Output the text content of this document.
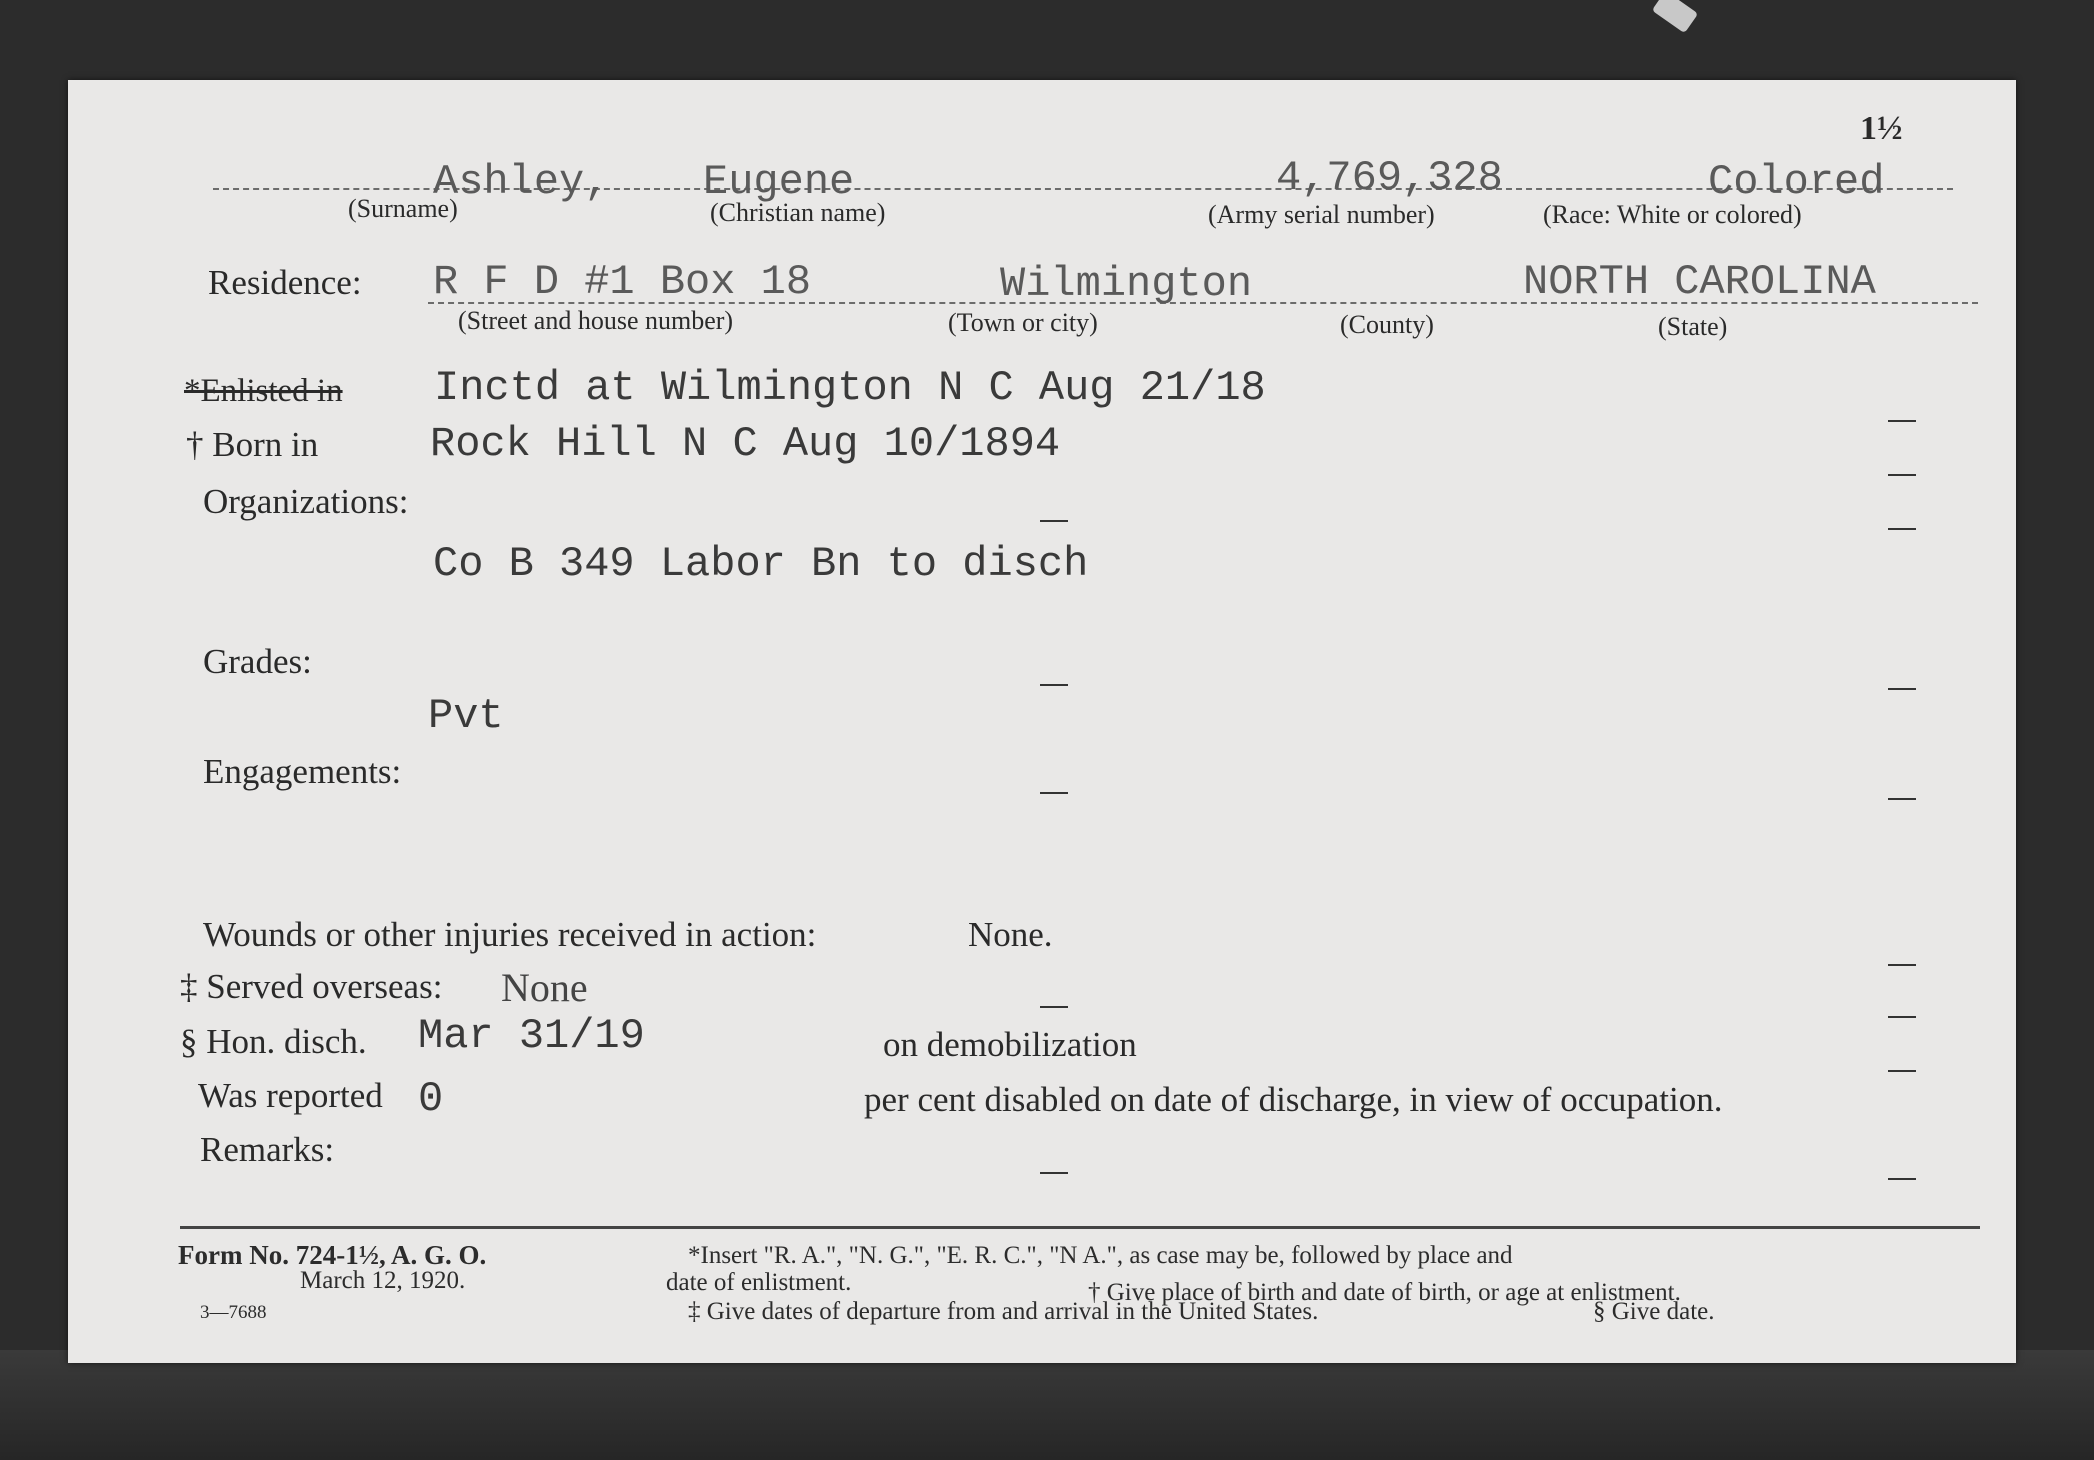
1½
Ashley, Eugene	4,769,328	Colored
(Surname)	(Christian name)	(Army serial number)	(Race: White or colored)
Residence: R F D #1 Box 18	Wilmington	NORTH CAROLINA
(Street and house number)	(Town or city)	(County)	(State)
*Enlisted in Inctd at Wilmington N C Aug 21/18
† Born in	Rock Hill N C Aug 10/1894
Organizations:
Co B 349 Labor Bn to disch
Grades:
Pvt
Engagements:
Wounds or other injuries received in action:	None.
‡ Served overseas: None
§ Hon. disch. Mar 31/19	on demobilization
Was reported 0	per cent disabled on date of discharge, in view of occupation.
Remarks:
Form No. 724-1½, A. G. O.
March 12, 1920.
3—7688
*Insert "R. A.", "N. G.", "E. R. C.", "N A.", as case may be, followed by place and
date of enlistment.	† Give place of birth and date of birth, or age at enlistment.
‡ Give dates of departure from and arrival in the United States.	§ Give date.
